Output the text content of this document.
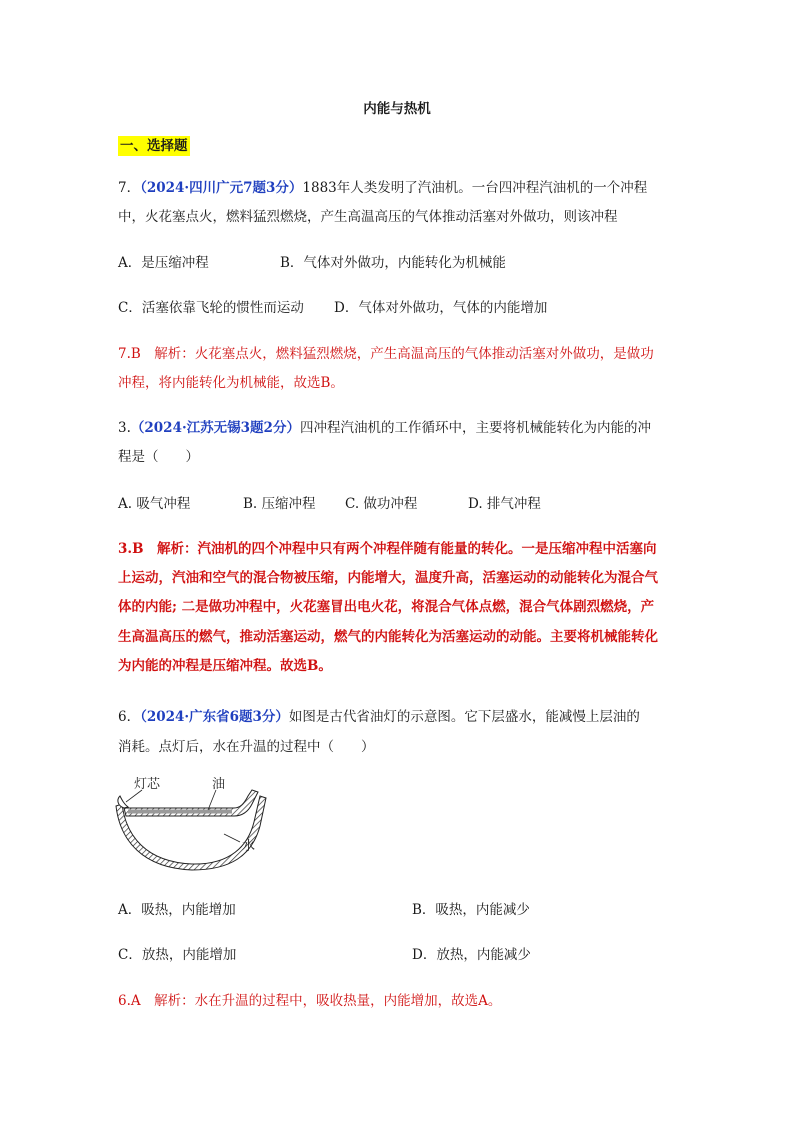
内能与热机
一、选择题
7．（2024·四川广元7题3分）1883年人类发明了汽油机。一台四冲程汽油机的一个冲程
中，火花塞点火，燃料猛烈燃烧，产生高温高压的气体推动活塞对外做功，则该冲程
A．是压缩冲程	B．气体对外做功，内能转化为机械能
C．活塞依靠飞轮的惯性而运动 D．气体对外做功，气体的内能增加
7.B　解析：火花塞点火，燃料猛烈燃烧，产生高温高压的气体推动活塞对外做功，是做功
冲程，将内能转化为机械能，故选B。
3.（2024·江苏无锡3题2分）四冲程汽油机的工作循环中，主要将机械能转化为内能的冲
程是（　　）
A. 吸气冲程	B. 压缩冲程 C. 做功冲程	D. 排气冲程
3.B　解析：汽油机的四个冲程中只有两个冲程伴随有能量的转化。一是压缩冲程中活塞向
上运动，汽油和空气的混合物被压缩，内能增大，温度升高，活塞运动的动能转化为混合气
体的内能; 二是做功冲程中，火花塞冒出电火花，将混合气体点燃，混合气体剧烈燃烧，产
生高温高压的燃气，推动活塞运动，燃气的内能转化为活塞运动的动能。主要将机械能转化
为内能的冲程是压缩冲程。故选B。
6．（2024·广东省6题3分）如图是古代省油灯的示意图。它下层盛水，能减慢上层油的
消耗。点灯后，水在升温的过程中（　　）
灯芯	油
水
A．吸热，内能增加	B．吸热，内能减少
C．放热，内能增加	D．放热，内能减少
6.A　解析：水在升温的过程中，吸收热量，内能增加，故选A。
